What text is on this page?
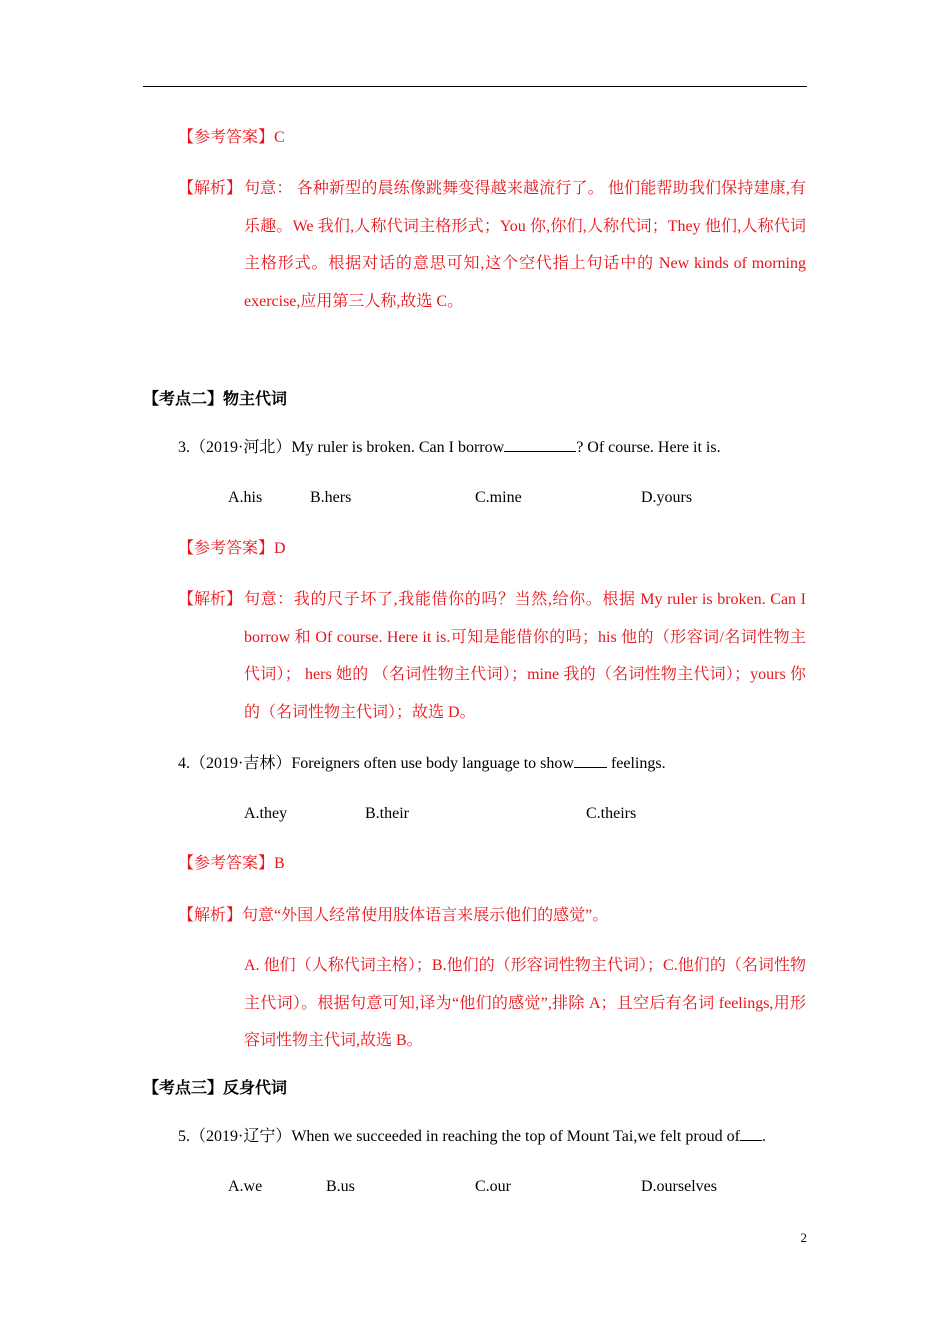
【参考答案】C
【解析】 句意： 各种新型的晨练像跳舞变得越来越流行了。 他们能帮助我们保持建康,有乐趣。We 我们,人称代词主格形式；You 你,你们,人称代词；They 他们,人称代词主格形式。根据对话的意思可知,这个空代指上句话中的 New kinds of morning exercise,应用第三人称,故选 C。
【考点二】物主代词
3.（2019·河北）My ruler is broken. Can I borrow	? Of course. Here it is.
A.his	B.hers	C.mine	D.yours
【参考答案】D
【解析】 句意：我的尺子坏了,我能借你的吗？当然,给你。根据 My ruler is broken. Can I borrow 和 Of course. Here it is.可知是能借你的吗；his 他的（形容词/名词性物主代词）； hers 她的 （名词性物主代词）；mine 我的（名词性物主代词）；yours 你的（名词性物主代词）；故选 D。
4.（2019·吉林）Foreigners often use body language to show feelings.
A.they	B.their	C.theirs
【参考答案】B
【解析】句意“外国人经常使用肢体语言来展示他们的感觉”。
A. 他们（人称代词主格）；B.他们的（形容词性物主代词）；C.他们的（名词性物主代词）。根据句意可知,译为“他们的感觉”,排除 A；且空后有名词 feelings,用形容词性物主代词,故选 B。
【考点三】反身代词
5.（2019·辽宁）When we succeeded in reaching the top of Mount Tai,we felt proud of .
A.we	B.us	C.our	D.ourselves
2
